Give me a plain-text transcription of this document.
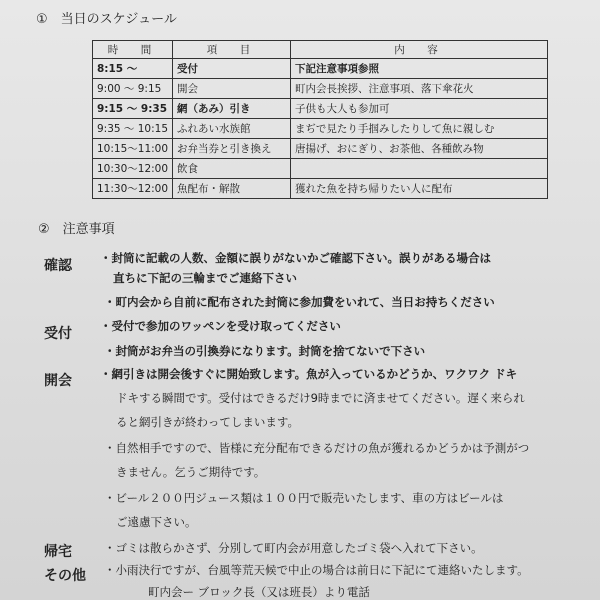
①　当日のスケジュール
時　間	項　目	内　容
8:15 ～	受付	下記注意事項参照
9:00 ～ 9:15	開会	町内会長挨拶、注意事項、落下傘花火
9:15 ～ 9:35	網（あみ）引き	子供も大人も参加可
9:35 ～ 10:15	ふれあい水族館	まぢで見たり手掴みしたりして魚に親しむ
10:15～11:00	お弁当券と引き換え	唐揚げ、おにぎり、お茶他、各種飲み物
10:30～12:00	飲食	
11:30～12:00	魚配布・解散	獲れた魚を持ち帰りたい人に配布
②　注意事項
確認
受付
開会
帰宅
その他
・封筒に記載の人数、金額に誤りがないかご確認下さい。誤りがある場合は
直ちに下記の三輪までご連絡下さい
・町内会から自前に配布された封筒に参加費をいれて、当日お持ちください
・受付で参加のワッペンを受け取ってください
・封筒がお弁当の引換券になります。封筒を捨てないで下さい
・網引きは開会後すぐに開始致します。魚が入っているかどうか、ワクワク ドキ
ドキする瞬間です。受付はできるだけ9時までに済ませてください。遅く来られ
ると網引きが終わってしまいます。
・自然相手ですので、皆様に充分配布できるだけの魚が獲れるかどうかは予測がつ
きません。乞うご期待です。
・ビール２００円ジュース類は１００円で販売いたします、車の方はビールは
ご遠慮下さい。
・ゴミは散らかさず、分別して町内会が用意したゴミ袋へ入れて下さい。
・小雨決行ですが、台風等荒天候で中止の場合は前日に下記にて連絡いたします。
町内会ー ブロック長（又は班長）より電話
